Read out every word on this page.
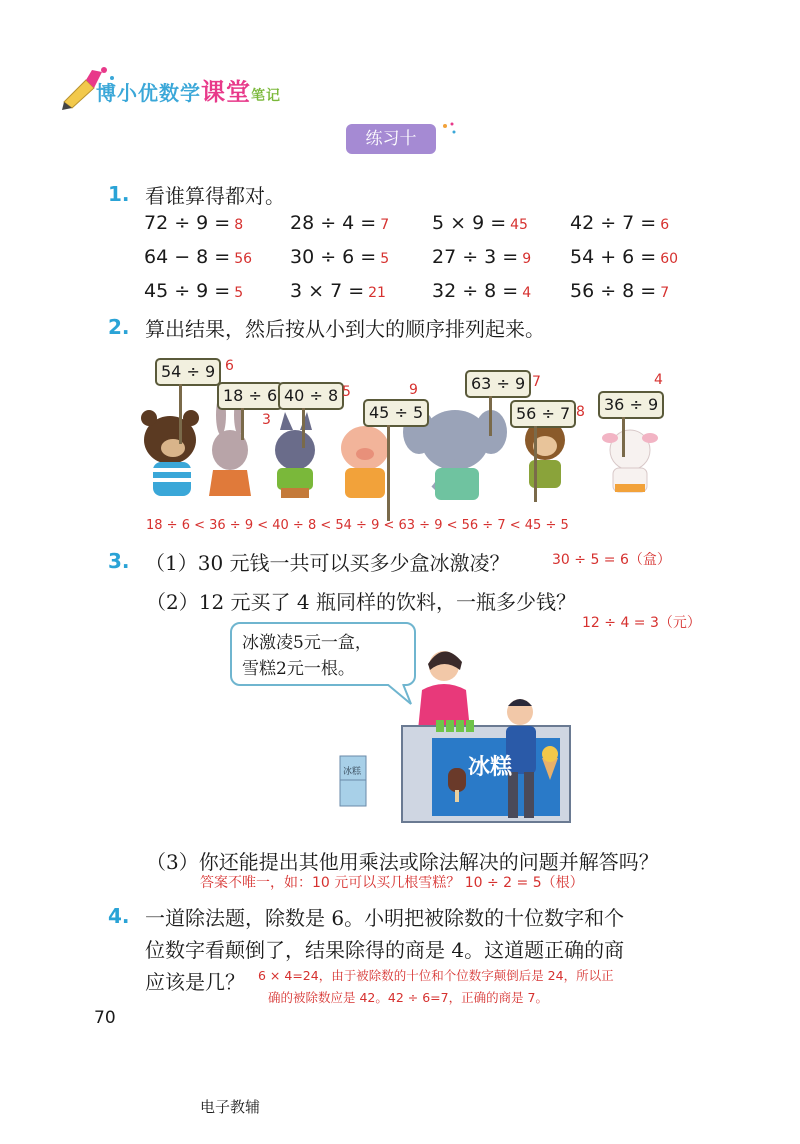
博小优数学课堂笔记
练习十
1. 看谁算得都对。
72 ÷ 9 = 8 28 ÷ 4 = 7 5 × 9 = 45 42 ÷ 7 = 6
64 − 8 = 56 30 ÷ 6 = 5 27 ÷ 3 = 9 54 + 6 = 60
45 ÷ 9 = 5 3 × 7 = 21 32 ÷ 8 = 4 56 ÷ 8 = 7
2. 算出结果，然后按从小到大的顺序排列起来。
54 ÷ 9 6
18 ÷ 6
3
40 ÷ 8 5
45 ÷ 5
9	63 ÷ 9 7
56 ÷ 7 8	36 ÷ 9
4
18 ÷ 6 < 36 ÷ 9 < 40 ÷ 8 < 54 ÷ 9 < 63 ÷ 9 < 56 ÷ 7 < 45 ÷ 5
3. （1）30 元钱一共可以买多少盒冰激凌？	30 ÷ 5 = 6（盒）
（2）12 元买了 4 瓶同样的饮料，一瓶多少钱？
12 ÷ 4 = 3（元）
冰激凌5元一盒，
雪糕2元一根。
冰糕
冰糕
（3）你还能提出其他用乘法或除法解决的问题并解答吗？
答案不唯一，如：10 元可以买几根雪糕？ 10 ÷ 2 = 5（根）
4. 一道除法题，除数是 6。小明把被除数的十位数字和个
位数字看颠倒了，结果除得的商是 4。这道题正确的商
应该是几？ 6 × 4=24，由于被除数的十位和个位数字颠倒后是 24，所以正
确的被除数应是 42。42 ÷ 6=7，正确的商是 7。
70
电子教辅
